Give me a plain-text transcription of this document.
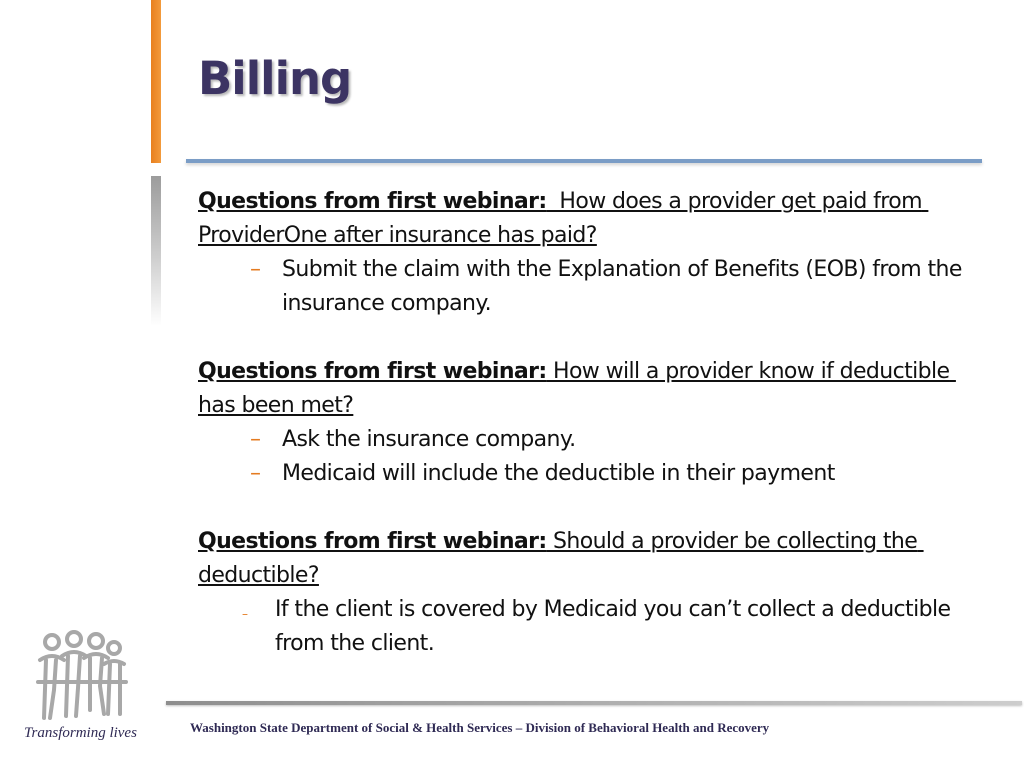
Billing

Questions from first webinar:  How does a provider get paid from ProviderOne after insurance has paid?

– Submit the claim with the Explanation of Benefits (EOB) from the insurance company.

Questions from first webinar: How will a provider know if deductible has been met?

– Ask the insurance company.
– Medicaid will include the deductible in their payment

Questions from first webinar: Should a provider be collecting the deductible?

– If the client is covered by Medicaid you can’t collect a deductible from the client.
Transforming lives	Washington State Department of Social & Health Services – Division of Behavioral Health and Recovery
